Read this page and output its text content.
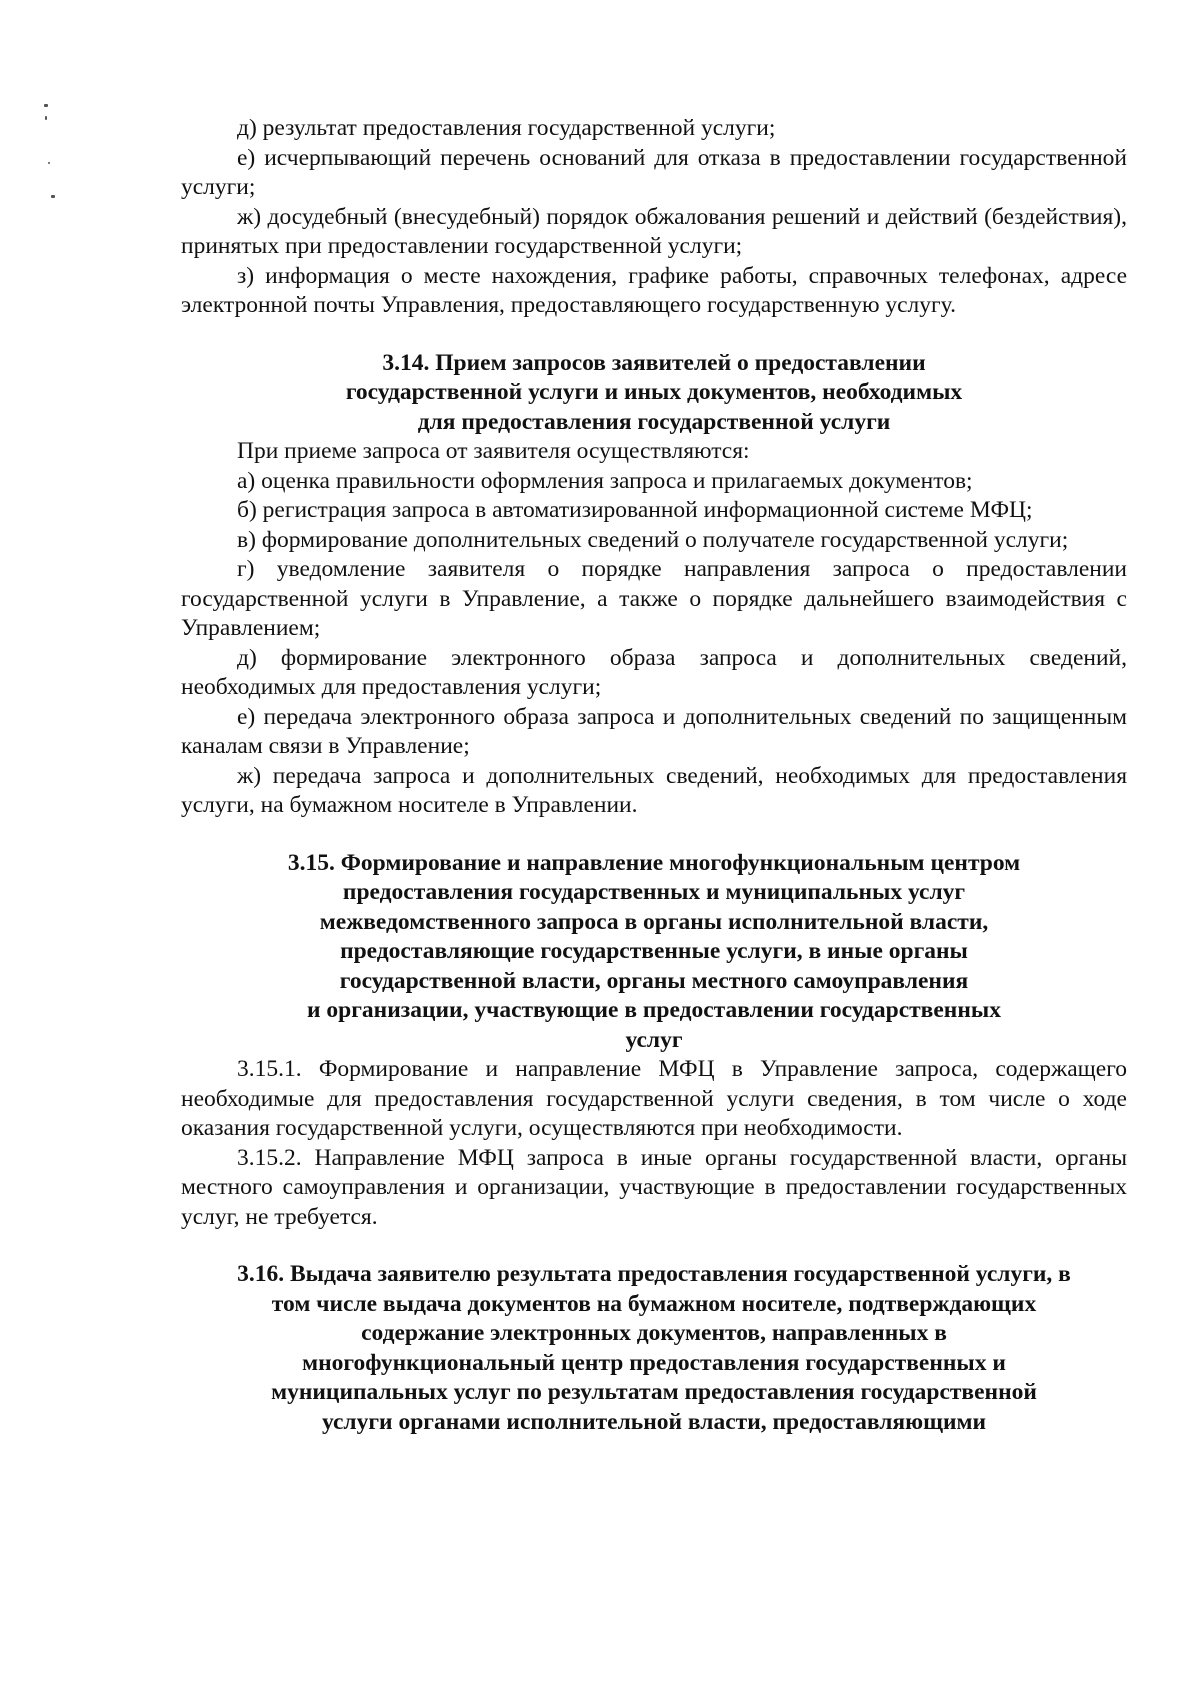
д) результат предоставления государственной услуги;

е) исчерпывающий перечень оснований для отказа в предоставлении государственной услуги;

ж) досудебный (внесудебный) порядок обжалования решений и действий (бездействия), принятых при предоставлении государственной услуги;

з) информация о месте нахождения, графике работы, справочных телефонах, адресе электронной почты Управления, предоставляющего государственную услугу.

3.14. Прием запросов заявителей о предоставлении
государственной услуги и иных документов, необходимых
для предоставления государственной услуги

При приеме запроса от заявителя осуществляются:

а) оценка правильности оформления запроса и прилагаемых документов;

б) регистрация запроса в автоматизированной информационной системе МФЦ;

в) формирование дополнительных сведений о получателе государственной услуги;

г) уведомление заявителя о порядке направления запроса о предоставлении государственной услуги в Управление, а также о порядке дальнейшего взаимодействия с Управлением;

д) формирование электронного образа запроса и дополнительных сведений, необходимых для предоставления услуги;

е) передача электронного образа запроса и дополнительных сведений по защищенным каналам связи в Управление;

ж) передача запроса и дополнительных сведений, необходимых для предоставления услуги, на бумажном носителе в Управлении.

3.15. Формирование и направление многофункциональным центром
предоставления государственных и муниципальных услуг
межведомственного запроса в органы исполнительной власти,
предоставляющие государственные услуги, в иные органы
государственной власти, органы местного самоуправления
и организации, участвующие в предоставлении государственных
услуг

3.15.1. Формирование и направление МФЦ в Управление запроса, содержащего необходимые для предоставления государственной услуги сведения, в том числе о ходе оказания государственной услуги, осуществляются при необходимости.

3.15.2. Направление МФЦ запроса в иные органы государственной власти, органы местного самоуправления и организации, участвующие в предоставлении государственных услуг, не требуется.

3.16. Выдача заявителю результата предоставления государственной услуги, в
том числе выдача документов на бумажном носителе, подтверждающих
содержание электронных документов, направленных в
многофункциональный центр предоставления государственных и
муниципальных услуг по результатам предоставления государственной
услуги органами исполнительной власти, предоставляющими
